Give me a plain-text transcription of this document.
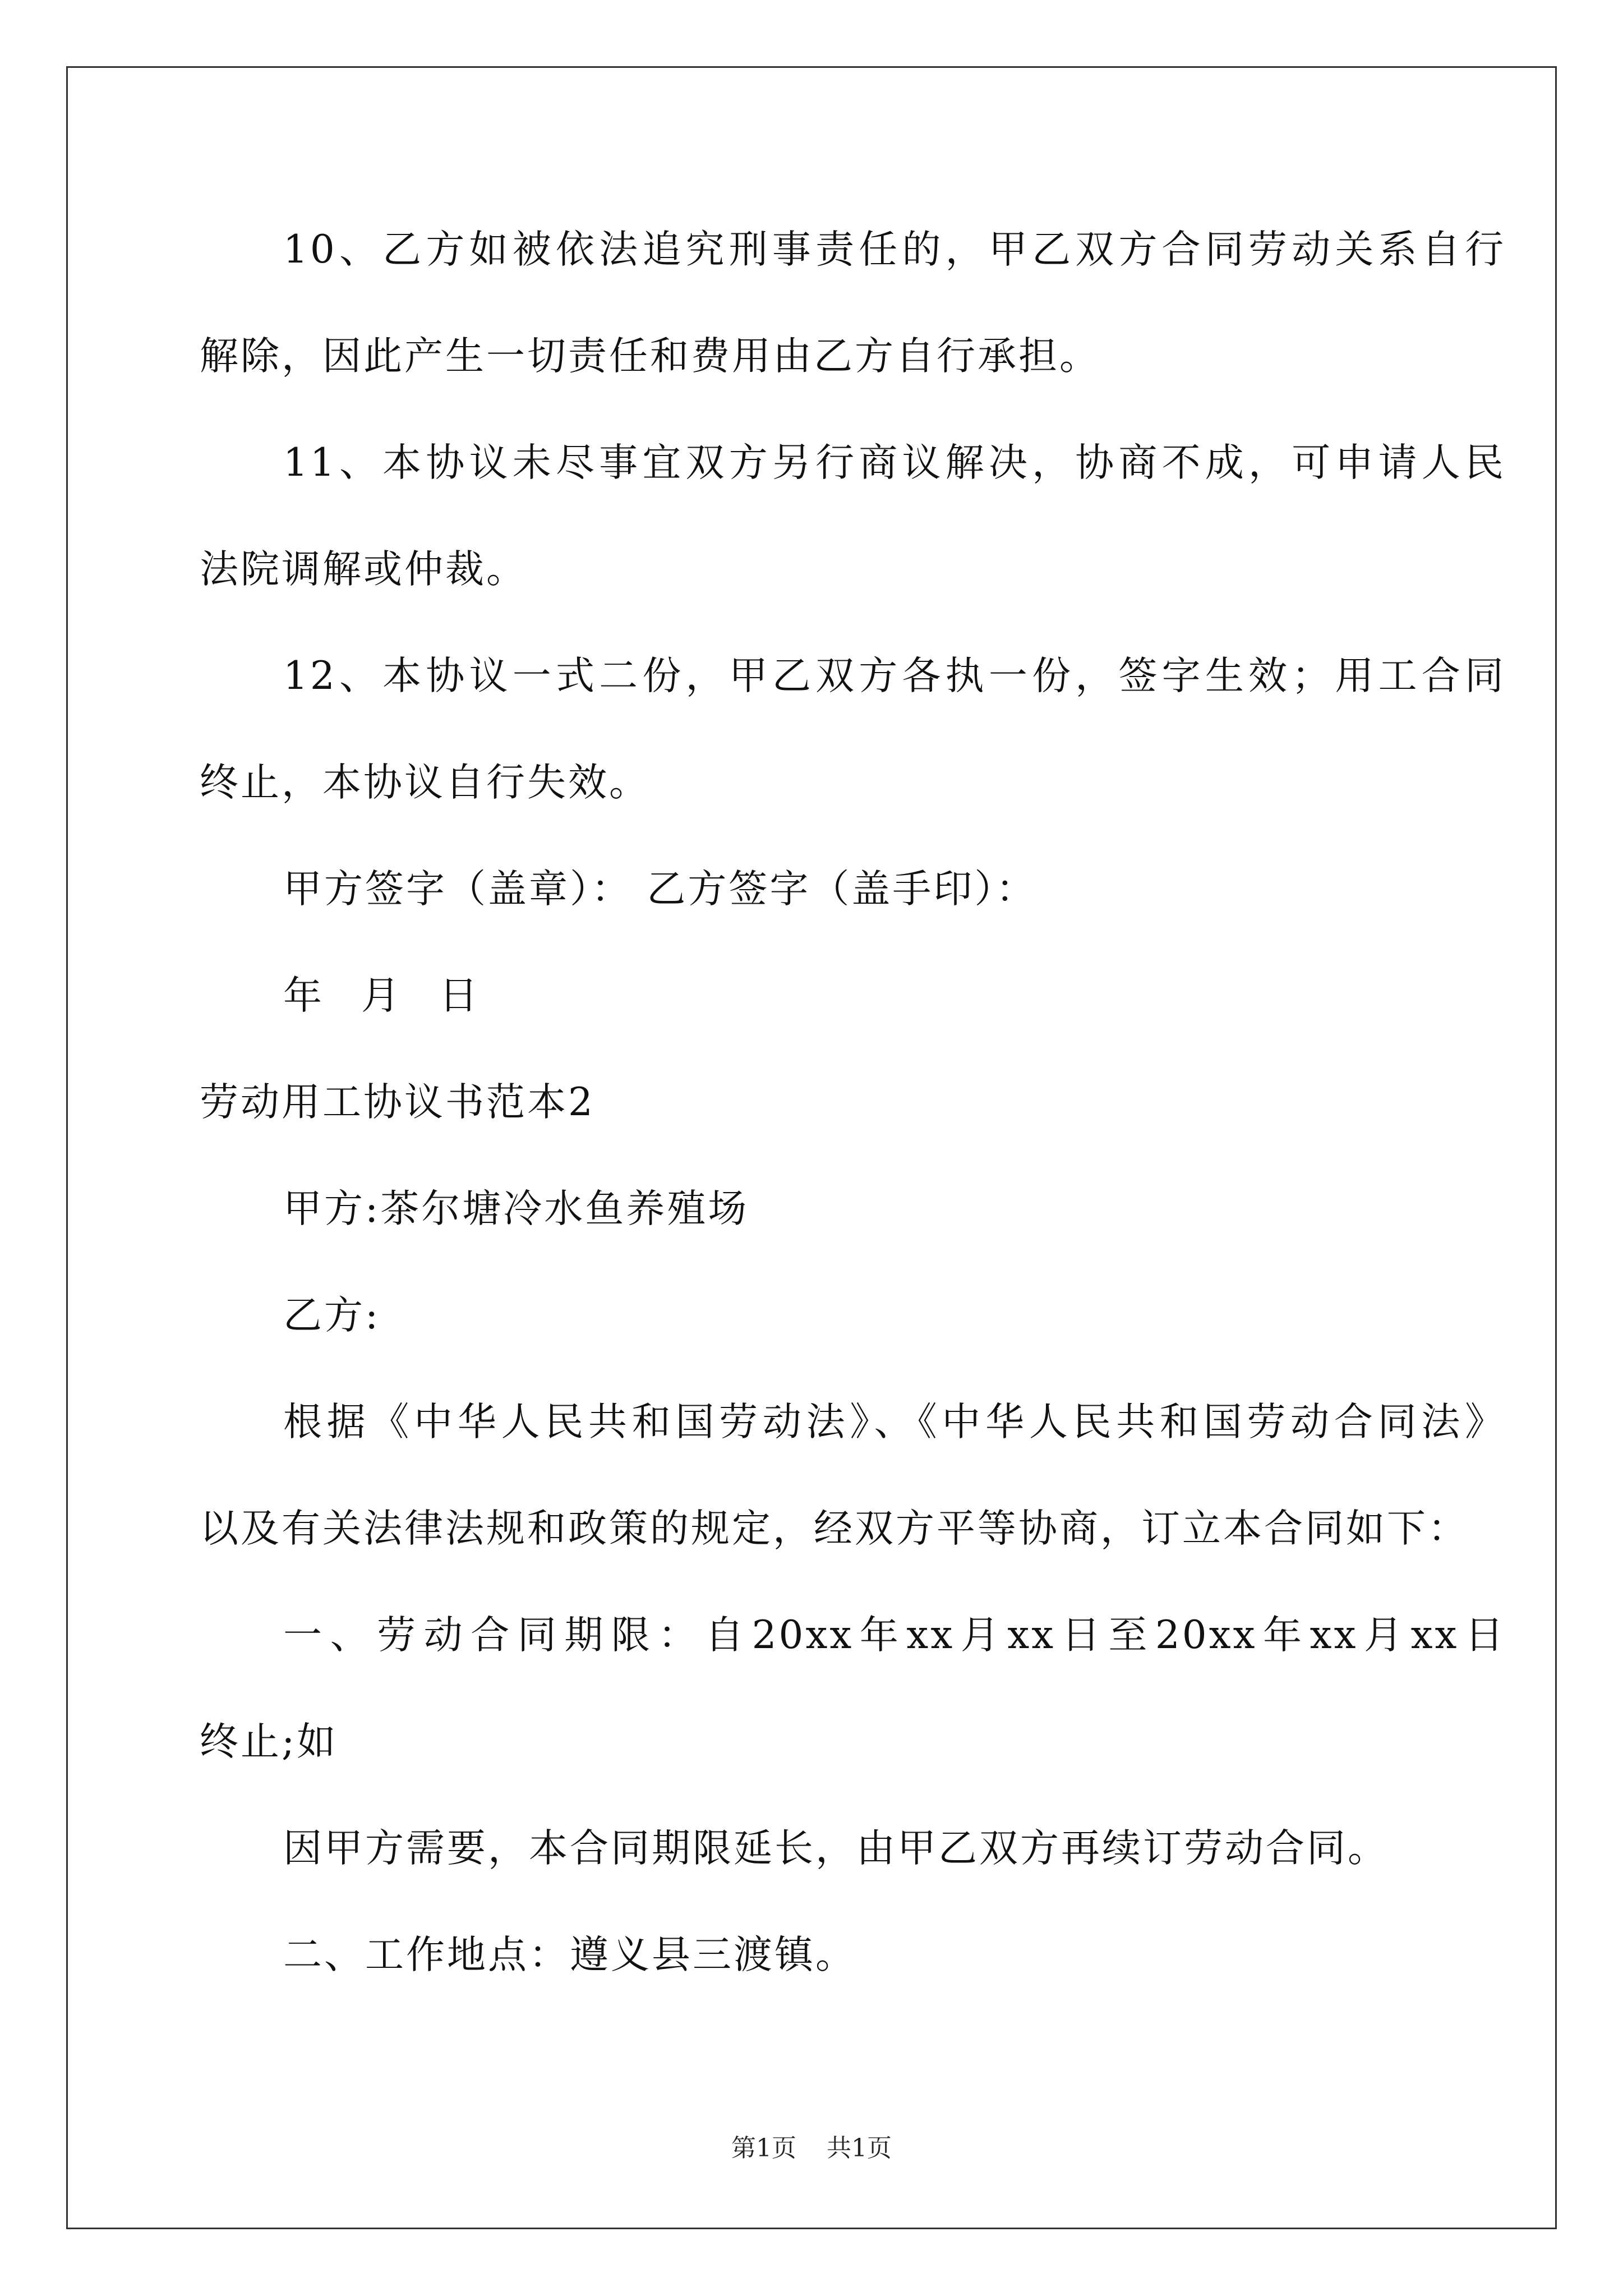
10、乙方如被依法追究刑事责任的，甲乙双方合同劳动关系自行
解除，因此产生一切责任和费用由乙方自行承担。
11、本协议未尽事宜双方另行商议解决，协商不成，可申请人民
法院调解或仲裁。
12、本协议一式二份，甲乙双方各执一份，签字生效；用工合同
终止，本协议自行失效。
甲方签字（盖章）： 乙方签字（盖手印）：
年 月 日
劳动用工协议书范本2
甲方:茶尔塘冷水鱼养殖场
乙方:
根据《中华人民共和国劳动法》、《中华人民共和国劳动合同法》
以及有关法律法规和政策的规定，经双方平等协商，订立本合同如下：
一、劳动合同期限：自20xx年xx月xx日至20xx年xx月xx日
终止;如
因甲方需要，本合同期限延长，由甲乙双方再续订劳动合同。
二、工作地点：遵义县三渡镇。
第1页 共1页
